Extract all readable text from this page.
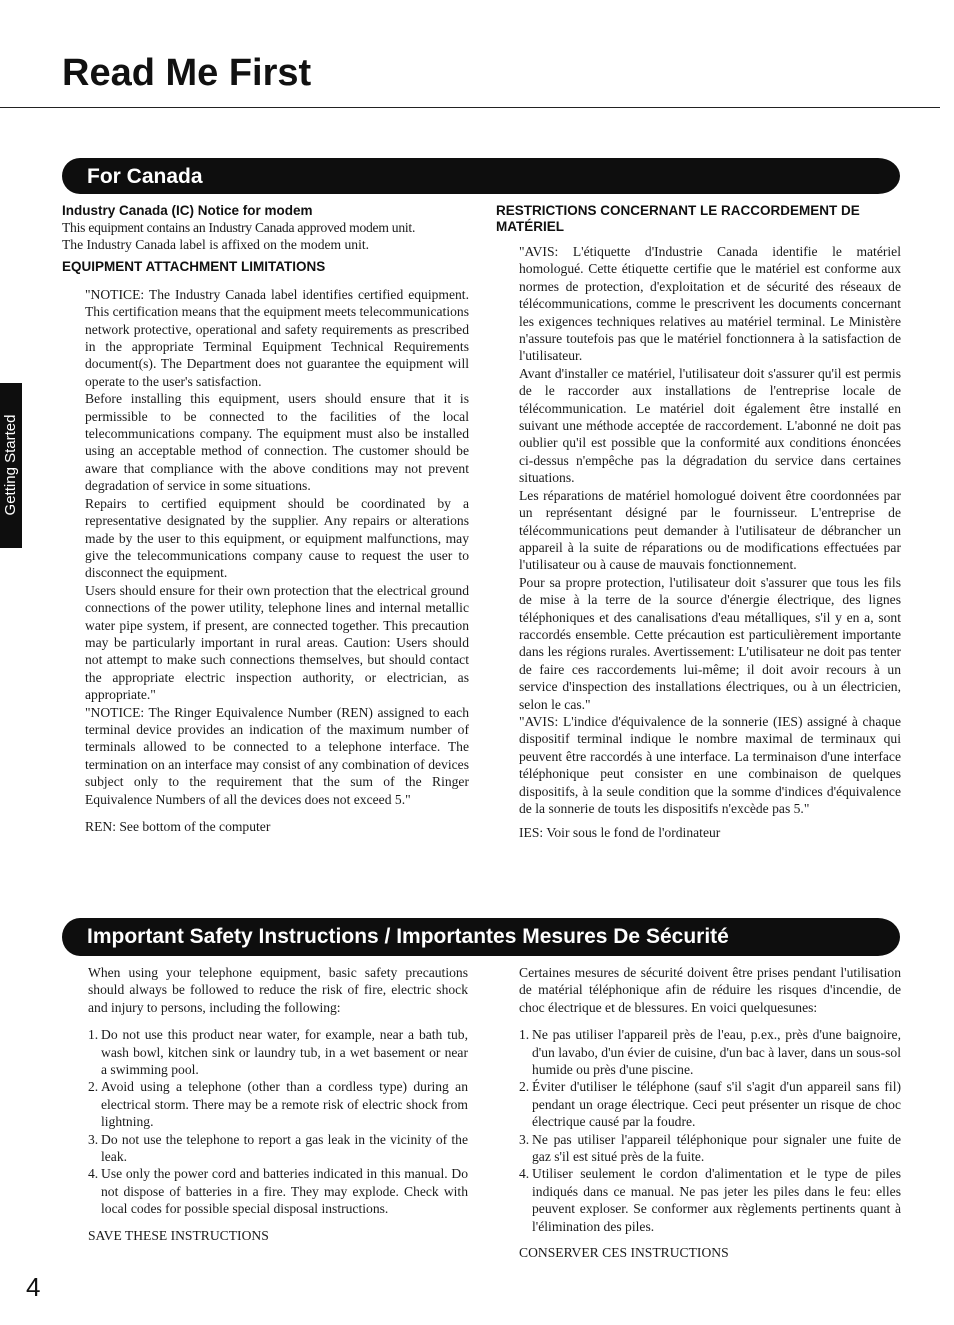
Read Me First
Getting Started
For Canada
Industry Canada (IC) Notice for modem

This equipment contains an Industry Canada approved modem unit.

The Industry Canada label is affixed on the modem unit.

EQUIPMENT ATTACHMENT LIMITATIONS

"NOTICE: The Industry Canada label identifies certified equipment. This certification means that the equipment meets telecommunications network protective, operational and safety requirements as prescribed in the appropriate Terminal Equipment Technical Requirements document(s). The Department does not guarantee the equipment will operate to the user's satisfaction.

Before installing this equipment, users should ensure that it is permissible to be connected to the facilities of the local telecommunications company. The equipment must also be installed using an acceptable method of connection. The customer should be aware that compliance with the above conditions may not prevent degradation of service in some situations.

Repairs to certified equipment should be coordinated by a representative designated by the supplier. Any repairs or alterations made by the user to this equipment, or equipment malfunctions, may give the telecommunications company cause to request the user to disconnect the equipment.

Users should ensure for their own protection that the electrical ground connections of the power utility, telephone lines and internal metallic water pipe system, if present, are connected together. This precaution may be particularly important in rural areas. Caution: Users should not attempt to make such connections themselves, but should contact the appropriate electric inspection authority, or electrician, as appropriate."

"NOTICE: The Ringer Equivalence Number (REN) assigned to each terminal device provides an indication of the maximum number of terminals allowed to be connected to a telephone interface. The termination on an interface may consist of any combination of devices subject only to the requirement that the sum of the Ringer Equivalence Numbers of all the devices does not exceed 5."

REN: See bottom of the computer

RESTRICTIONS CONCERNANT LE RACCORDEMENT DE MATÉRIEL

"AVIS: L'étiquette d'Industrie Canada identifie le matériel homologué. Cette étiquette certifie que le matériel est conforme aux normes de protection, d'exploitation et de sécurité des réseaux de télécommunications, comme le prescrivent les documents concernant les exigences techniques relatives au matériel terminal. Le Ministère n'assure toutefois pas que le matériel fonctionnera à la satisfaction de l'utilisateur.

Avant d'installer ce matériel, l'utilisateur doit s'assurer qu'il est permis de le raccorder aux installations de l'entreprise locale de télécommunication. Le matériel doit également être installé en suivant une méthode acceptée de raccordement. L'abonné ne doit pas oublier qu'il est possible que la conformité aux conditions énoncées ci-dessus n'empêche pas la dégradation du service dans certaines situations.

Les réparations de matériel homologué doivent être coordonnées par un représentant désigné par le fournisseur. L'entreprise de télécommunications peut demander à l'utilisateur de débrancher un appareil à la suite de réparations ou de modifications effectuées par l'utilisateur ou à cause de mauvais fonctionnement.

Pour sa propre protection, l'utilisateur doit s'assurer que tous les fils de mise à la terre de la source d'énergie électrique, des lignes téléphoniques et des canalisations d'eau métalliques, s'il y en a, sont raccordés ensemble. Cette précaution est particulièrement importante dans les régions rurales. Avertissement: L'utilisateur ne doit pas tenter de faire ces raccordements lui-même; il doit avoir recours à un service d'inspection des installations électriques, ou à un électricien, selon le cas."

"AVIS: L'indice d'équivalence de la sonnerie (IES) assigné à chaque dispositif terminal indique le nombre maximal de terminaux qui peuvent être raccordés à une interface. La terminaison d'une interface téléphonique peut consister en une combinaison de quelques dispositifs, à la seule condition que la somme d'indices d'équivalence de la sonnerie de touts les dispositifs n'excède pas 5."

IES: Voir sous le fond de l'ordinateur

Important Safety Instructions / Importantes Mesures De Sécurité

When using your telephone equipment, basic safety precautions should always be followed to reduce the risk of fire, electric shock and injury to persons, including the following:

1. Do not use this product near water, for example, near a bath tub, wash bowl, kitchen sink or laundry tub, in a wet basement or near a swimming pool.
2. Avoid using a telephone (other than a cordless type) during an electrical storm. There may be a remote risk of electric shock from lightning.
3. Do not use the telephone to report a gas leak in the vicinity of the leak.
4. Use only the power cord and batteries indicated in this manual. Do not dispose of batteries in a fire. They may explode. Check with local codes for possible special disposal instructions.

SAVE THESE INSTRUCTIONS

Certaines mesures de sécurité doivent être prises pendant l'utilisation de matérial téléphonique afin de réduire les risques d'incendie, de choc électrique et de blessures. En voici quelquesunes:

1. Ne pas utiliser l'appareil près de l'eau, p.ex., près d'une baignoire, d'un lavabo, d'un évier de cuisine, d'un bac à laver, dans un sous-sol humide ou près d'une piscine.
2. Éviter d'utiliser le téléphone (sauf s'il s'agit d'un appareil sans fil) pendant un orage électrique. Ceci peut présenter un risque de choc électrique causé par la foudre.
3. Ne pas utiliser l'appareil téléphonique pour signaler une fuite de gaz s'il est situé près de la fuite.
4. Utiliser seulement le cordon d'alimentation et le type de piles indiqués dans ce manual. Ne pas jeter les piles dans le feu: elles peuvent exploser. Se conformer aux règlements pertinents quant à l'élimination des piles.

CONSERVER CES INSTRUCTIONS

4
